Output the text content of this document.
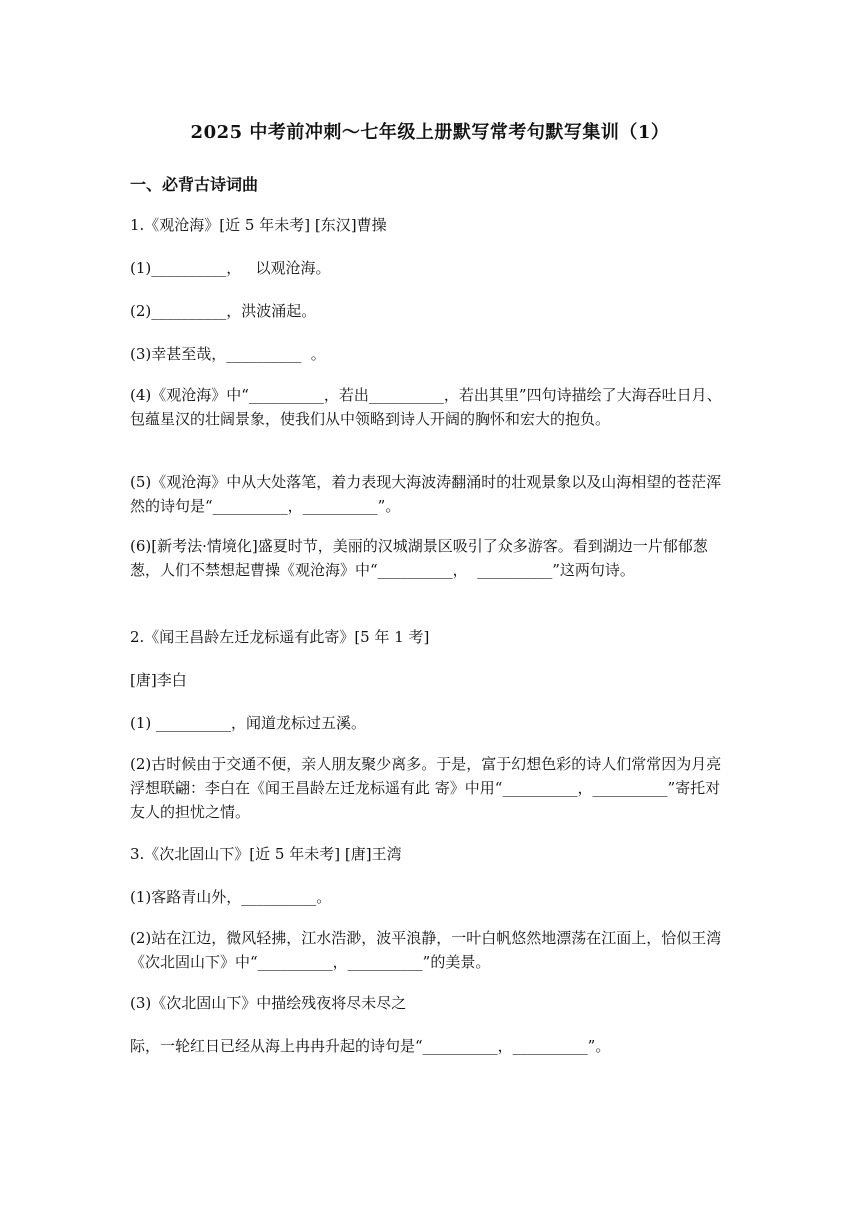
2025 中考前冲刺～七年级上册默写常考句默写集训（1）
一、必背古诗词曲
1.《观沧海》[近 5 年未考] [东汉]曹操
(1)__________，   以观沧海。
(2)__________，洪波涌起。
(3)幸甚至哉，__________  。
(4)《观沧海》中“__________，若出__________，若出其里”四句诗描绘了大海吞吐日月、包蕴星汉的壮阔景象，使我们从中领略到诗人开阔的胸怀和宏大的抱负。
(5)《观沧海》中从大处落笔，着力表现大海波涛翻涌时的壮观景象以及山海相望的苍茫浑然的诗句是“__________，__________”。
(6)[新考法·情境化]盛夏时节，美丽的汉城湖景区吸引了众多游客。看到湖边一片郁郁葱葱，人们不禁想起曹操《观沧海》中“__________，  __________”这两句诗。
2.《闻王昌龄左迁龙标遥有此寄》[5 年 1 考]
[唐]李白
(1) __________，闻道龙标过五溪。
(2)古时候由于交通不便，亲人朋友聚少离多。于是，富于幻想色彩的诗人们常常因为月亮浮想联翩：李白在《闻王昌龄左迁龙标遥有此 寄》中用“__________，__________”寄托对友人的担忧之情。
3.《次北固山下》[近 5 年未考] [唐]王湾
(1)客路青山外，__________。
(2)站在江边，微风轻拂，江水浩渺，波平浪静，一叶白帆悠然地漂荡在江面上，恰似王湾《次北固山下》中“__________，__________”的美景。
(3)《次北固山下》中描绘残夜将尽未尽之
际，一轮红日已经从海上冉冉升起的诗句是“__________，__________”。
